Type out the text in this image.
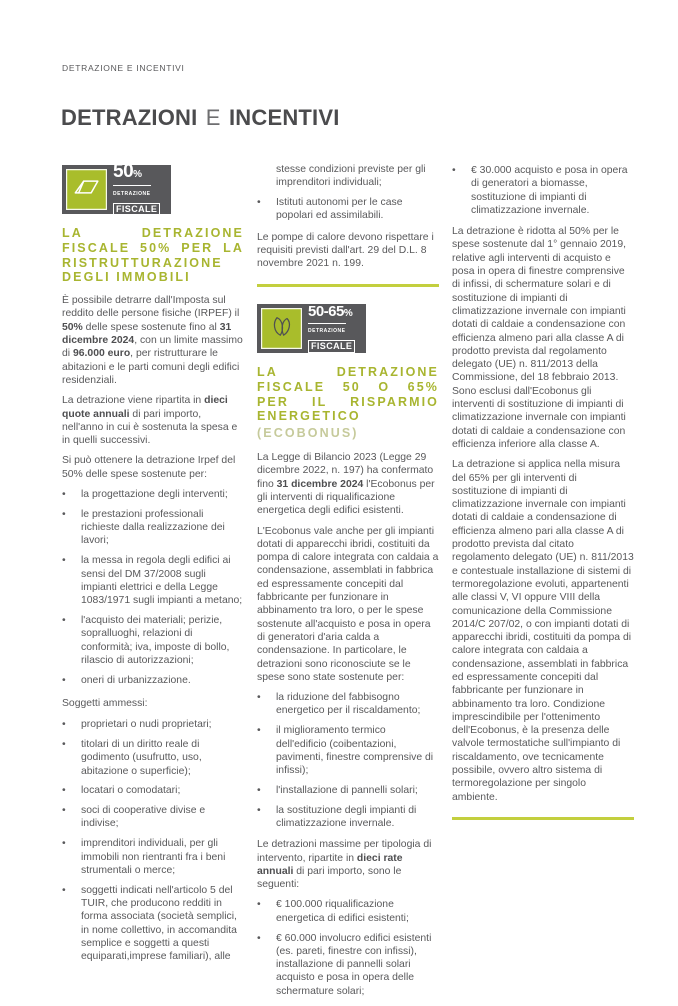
DETRAZIONE E INCENTIVI
DETRAZIONI E INCENTIVI
50%
DETRAZIONE
FISCALE
LA DETRAZIONE FISCALE 50% PER LA RISTRUTTURAZIONE DEGLI IMMOBILI

È possibile detrarre dall'Imposta sul reddito delle persone fisiche (IRPEF) il 50% delle spese sostenute fino al 31 dicembre 2024, con un limite massimo di 96.000 euro, per ristrutturare le abitazioni e le parti comuni degli edifici residenziali.

La detrazione viene ripartita in dieci quote annuali di pari importo, nell'anno in cui è sostenuta la spesa e in quelli successivi.

Si può ottenere la detrazione Irpef del 50% delle spese sostenute per:

•	la progettazione degli interventi;
•	le prestazioni professionali richieste dalla realizzazione dei lavori;
•	la messa in regola degli edifici ai sensi del DM 37/2008 sugli impianti elettrici e della Legge 1083/1971 sugli impianti a metano;
•	l'acquisto dei materiali; perizie, sopralluoghi, relazioni di conformità; iva, imposte di bollo, rilascio di autorizzazioni;
•	oneri di urbanizzazione.

Soggetti ammessi:

•	proprietari o nudi proprietari;
•	titolari di un diritto reale di godimento (usufrutto, uso, abitazione o superficie);
•	locatari o comodatari;
•	soci di cooperative divise e indivise;
•	imprenditori individuali, per gli immobili non rientranti fra i beni strumentali o merce;
•	soggetti indicati nell'articolo 5 del TUIR, che producono redditi in forma associata (società semplici, in nome collettivo, in accomandita semplice e soggetti a questi equiparati,imprese familiari), alle
stesse condizioni previste per gli imprenditori individuali;
•	Istituti autonomi per le case popolari ed assimilabili.

Le pompe di calore devono rispettare i requisiti previsti dall'art. 29 del D.L. 8 novembre 2021 n. 199.

50-65%
DETRAZIONE
FISCALE
LA DETRAZIONE FISCALE 50 O 65% PER IL RISPARMIO ENERGETICO
(ECOBONUS)

La Legge di Bilancio 2023 (Legge 29 dicembre 2022, n. 197) ha confermato fino 31 dicembre 2024 l'Ecobonus per gli interventi di riqualificazione energetica degli edifici esistenti.

L'Ecobonus vale anche per gli impianti dotati di apparecchi ibridi, costituiti da pompa di calore integrata con caldaia a condensazione, assemblati in fabbrica ed espressamente concepiti dal fabbricante per funzionare in abbinamento tra loro, o per le spese sostenute all'acquisto e posa in opera di generatori d'aria calda a condensazione. In particolare, le detrazioni sono riconosciute se le spese sono state sostenute per:

•	la riduzione del fabbisogno energetico per il riscaldamento;
•	il miglioramento termico dell'edificio (coibentazioni, pavimenti, finestre comprensive di infissi);
•	l'installazione di pannelli solari;
•	la sostituzione degli impianti di climatizzazione invernale.

Le detrazioni massime per tipologia di intervento, ripartite in dieci rate annuali di pari importo, sono le seguenti:

•	€ 100.000 riqualificazione energetica di edifici esistenti;
•	€ 60.000 involucro edifici esistenti (es. pareti, finestre con infissi), installazione di pannelli solari acquisto e posa in opera delle schermature solari;
•	€ 30.000 acquisto e posa in opera di generatori a biomasse, sostituzione di impianti di climatizzazione invernale.

La detrazione è ridotta al 50% per le spese sostenute dal 1° gennaio 2019, relative agli interventi di acquisto e posa in opera di finestre comprensive di infissi, di schermature solari e di sostituzione di impianti di climatizzazione invernale con impianti dotati di caldaie a condensazione con efficienza almeno pari alla classe A di prodotto prevista dal regolamento delegato (UE) n. 811/2013 della Commissione, del 18 febbraio 2013. Sono esclusi dall'Ecobonus gli interventi di sostituzione di impianti di climatizzazione invernale con impianti dotati di caldaie a condensazione con efficienza inferiore alla classe A.

La detrazione si applica nella misura del 65% per gli interventi di sostituzione di impianti di climatizzazione invernale con impianti dotati di caldaie a condensazione di efficienza almeno pari alla classe A di prodotto prevista dal citato regolamento delegato (UE) n. 811/2013 e contestuale installazione di sistemi di termoregolazione evoluti, appartenenti alle classi V, VI oppure VIII della comunicazione della Commissione 2014/C 207/02, o con impianti dotati di apparecchi ibridi, costituiti da pompa di calore integrata con caldaia a condensazione, assemblati in fabbrica ed espressamente concepiti dal fabbricante per funzionare in abbinamento tra loro. Condizione imprescindibile per l'ottenimento dell'Ecobonus, è la presenza delle valvole termostatiche sull'impianto di riscaldamento, ove tecnicamente possibile, ovvero altro sistema di termoregolazione per singolo ambiente.
